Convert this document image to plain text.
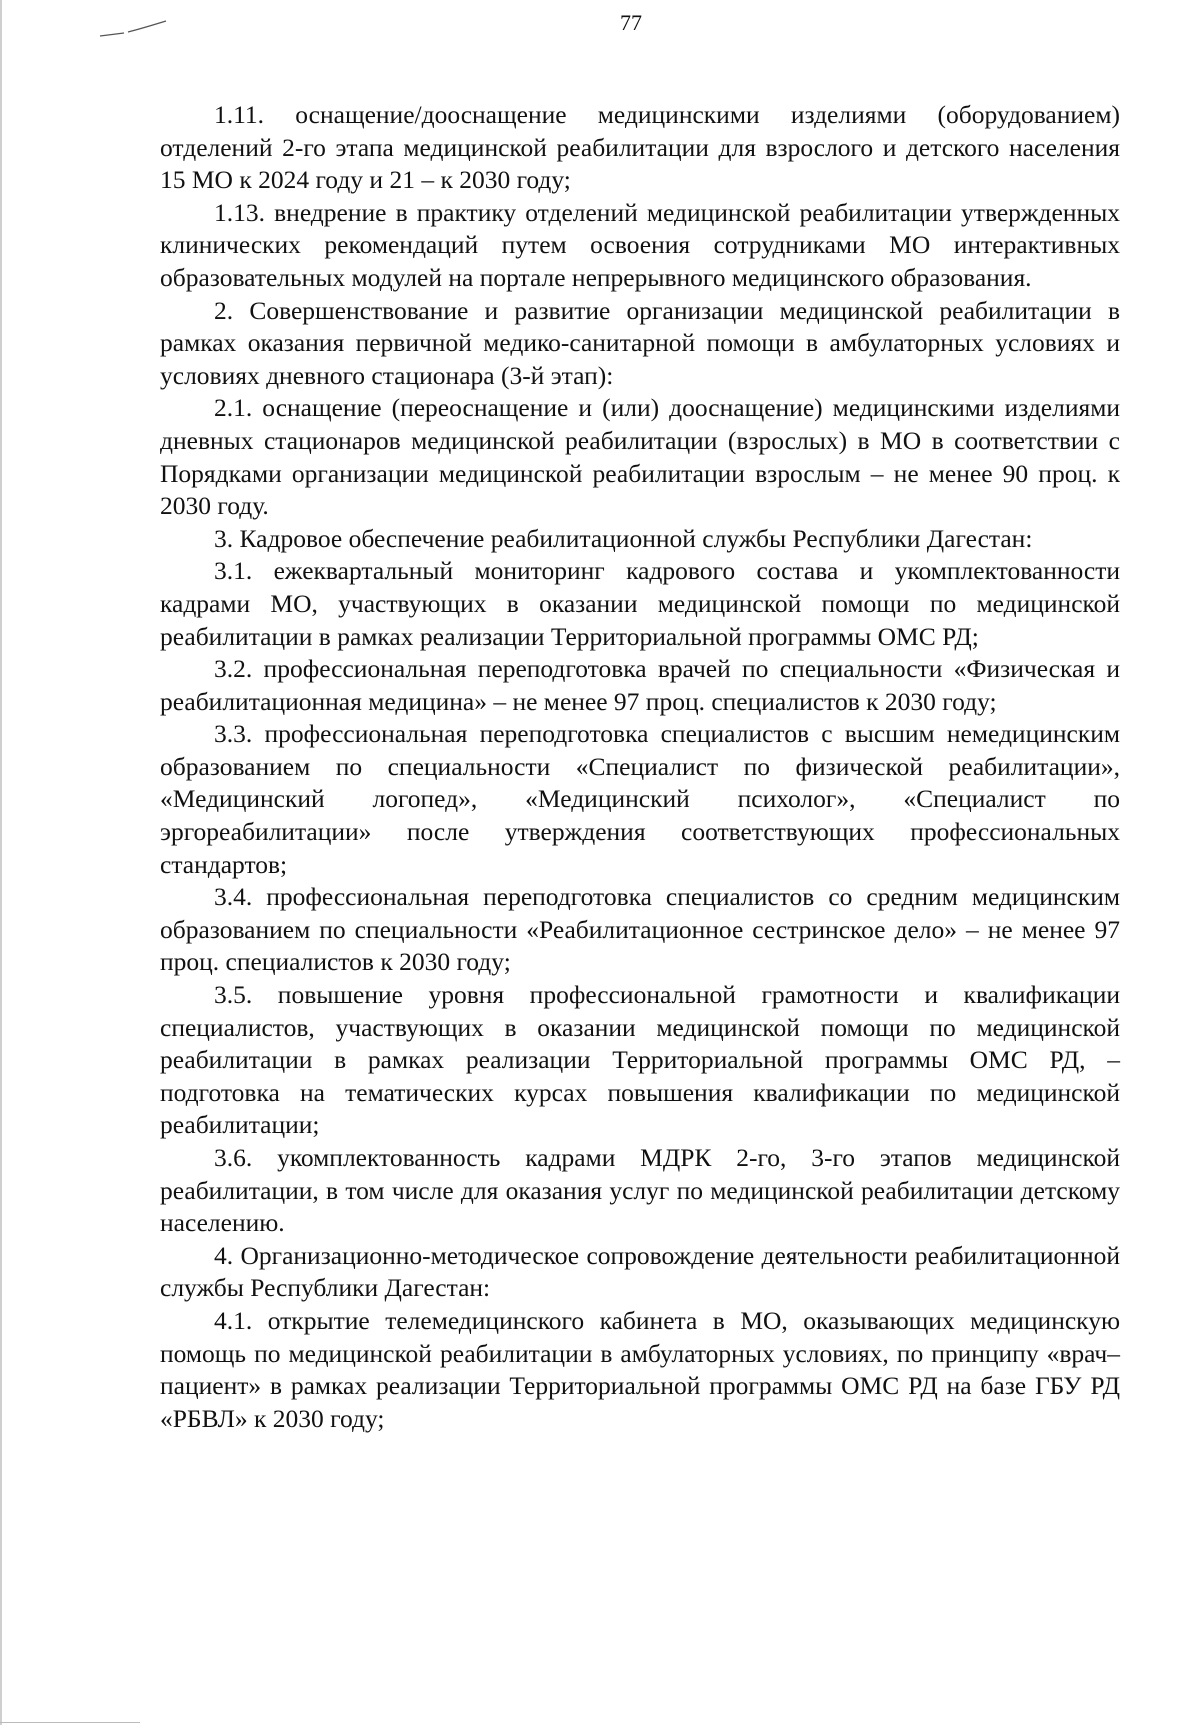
77

1.11. оснащение/дооснащение медицинскими изделиями (оборудованием) отделений 2-го этапа медицинской реабилитации для взрослого и детского населения 15 МО к 2024 году и 21 – к 2030 году;

1.13. внедрение в практику отделений медицинской реабилитации утвержденных клинических рекомендаций путем освоения сотрудниками МО интерактивных образовательных модулей на портале непрерывного медицинского образования.

2. Совершенствование и развитие организации медицинской реабилитации в рамках оказания первичной медико-санитарной помощи в амбулаторных условиях и условиях дневного стационара (3-й этап):

2.1. оснащение (переоснащение и (или) дооснащение) медицинскими изделиями дневных стационаров медицинской реабилитации (взрослых) в МО в соответствии с Порядками организации медицинской реабилитации взрослым – не менее 90 проц. к 2030 году.

3. Кадровое обеспечение реабилитационной службы Республики Дагестан:

3.1. ежеквартальный мониторинг кадрового состава и укомплектованности кадрами МО, участвующих в оказании медицинской помощи по медицинской реабилитации в рамках реализации Территориальной программы ОМС РД;

3.2. профессиональная переподготовка врачей по специальности «Физическая и реабилитационная медицина» – не менее 97 проц. специалистов к 2030 году;

3.3. профессиональная переподготовка специалистов с высшим немедицинским образованием по специальности «Специалист по физической реабилитации», «Медицинский логопед», «Медицинский психолог», «Специалист по эргореабилитации» после утверждения соответствующих профессиональных стандартов;

3.4. профессиональная переподготовка специалистов со средним медицинским образованием по специальности «Реабилитационное сестринское дело» – не менее 97 проц. специалистов к 2030 году;

3.5. повышение уровня профессиональной грамотности и квалификации специалистов, участвующих в оказании медицинской помощи по медицинской реабилитации в рамках реализации Территориальной программы ОМС РД, – подготовка на тематических курсах повышения квалификации по медицинской реабилитации;

3.6. укомплектованность кадрами МДРК 2-го, 3-го этапов медицинской реабилитации, в том числе для оказания услуг по медицинской реабилитации детскому населению.

4. Организационно-методическое сопровождение деятельности реабилитационной службы Республики Дагестан:

4.1. открытие телемедицинского кабинета в МО, оказывающих медицинскую помощь по медицинской реабилитации в амбулаторных условиях, по принципу «врач–пациент» в рамках реализации Территориальной программы ОМС РД на базе ГБУ РД «РБВЛ» к 2030 году;
